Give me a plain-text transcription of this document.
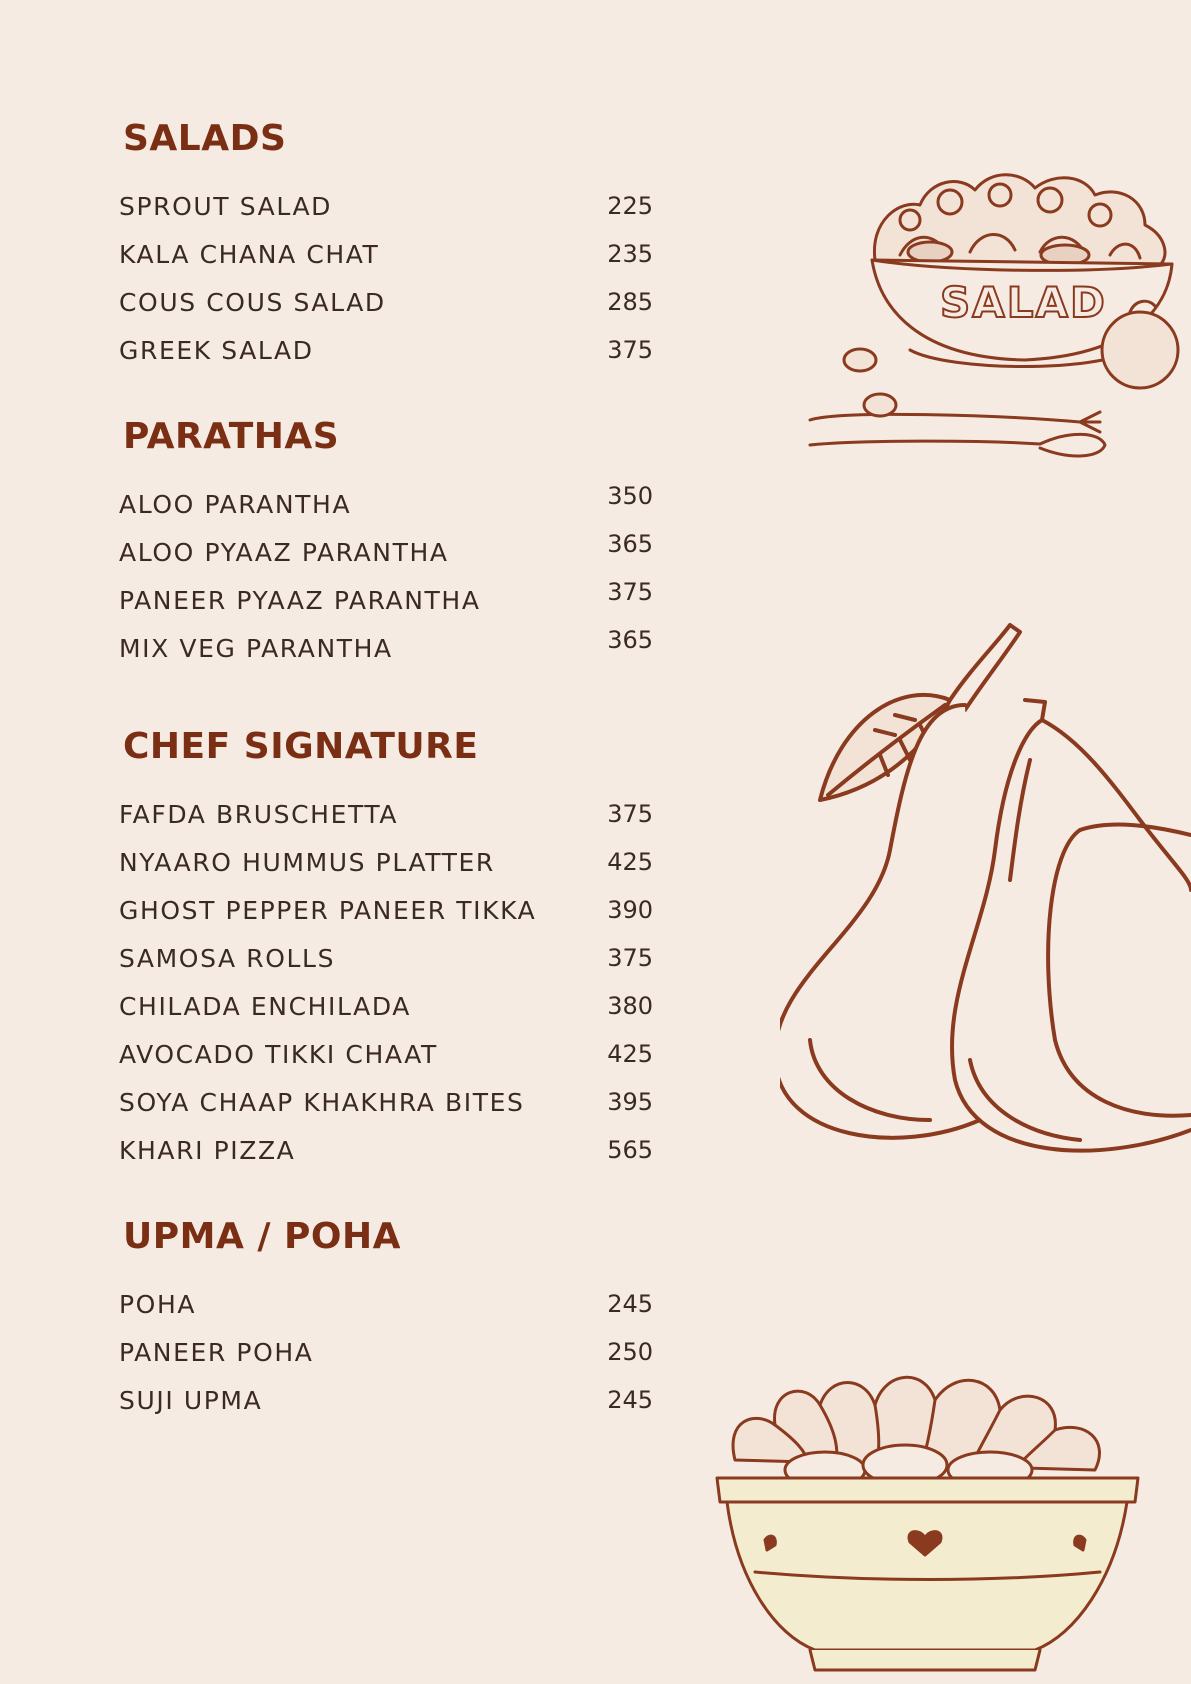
SALADS
SPROUT SALAD	225
KALA CHANA CHAT	235
COUS COUS SALAD	285
GREEK SALAD	375
PARATHAS
ALOO PARANTHA	350
ALOO PYAAZ PARANTHA	365
PANEER PYAAZ PARANTHA	375
MIX VEG PARANTHA	365
CHEF SIGNATURE
FAFDA BRUSCHETTA	375
NYAARO HUMMUS PLATTER	425
GHOST PEPPER PANEER TIKKA	390
SAMOSA ROLLS	375
CHILADA ENCHILADA	380
AVOCADO TIKKI CHAAT	425
SOYA CHAAP KHAKHRA BITES	395
KHARI PIZZA	565
UPMA / POHA
POHA	245
PANEER POHA	250
SUJI UPMA	245
SALAD
